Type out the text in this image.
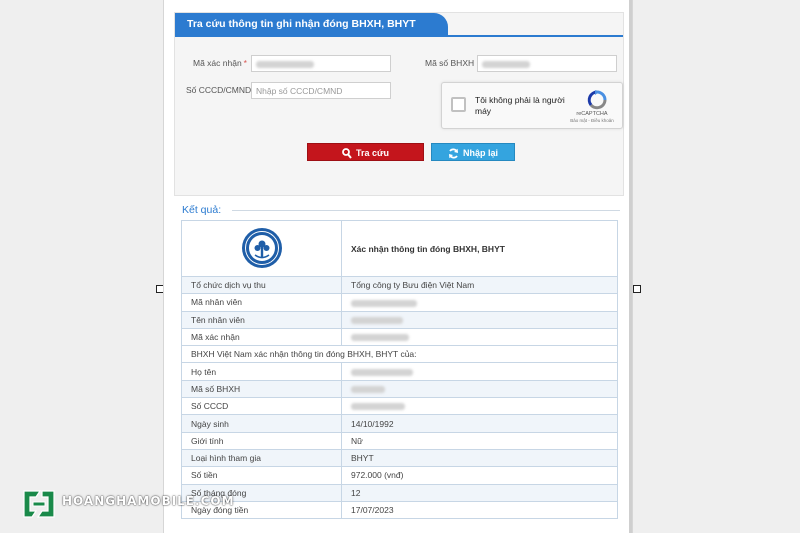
Tra cứu thông tin ghi nhận đóng BHXH, BHYT
Mã xác nhận *	Mã số BHXH
Số CCCD/CMND Nhập số CCCD/CMND
Tôi không phải là người máy	reCAPTCHA
Bảo mật - Điều khoản
Tra cứu	Nhập lại
Kết quả:
	Xác nhận thông tin đóng BHXH, BHYT
Tổ chức dịch vụ thu	Tổng công ty Bưu điện Việt Nam
Mã nhân viên	
Tên nhân viên	
Mã xác nhận	
BHXH Việt Nam xác nhận thông tin đóng BHXH, BHYT của:	
Họ tên	
Mã số BHXH	
Số CCCD	
Ngày sinh	14/10/1992
Giới tính	Nữ
Loại hình tham gia	BHYT
Số tiền	972.000 (vnđ)
Số tháng đóng	12
Ngày đóng tiền	17/07/2023
HOANGHAMOBILE.COM
